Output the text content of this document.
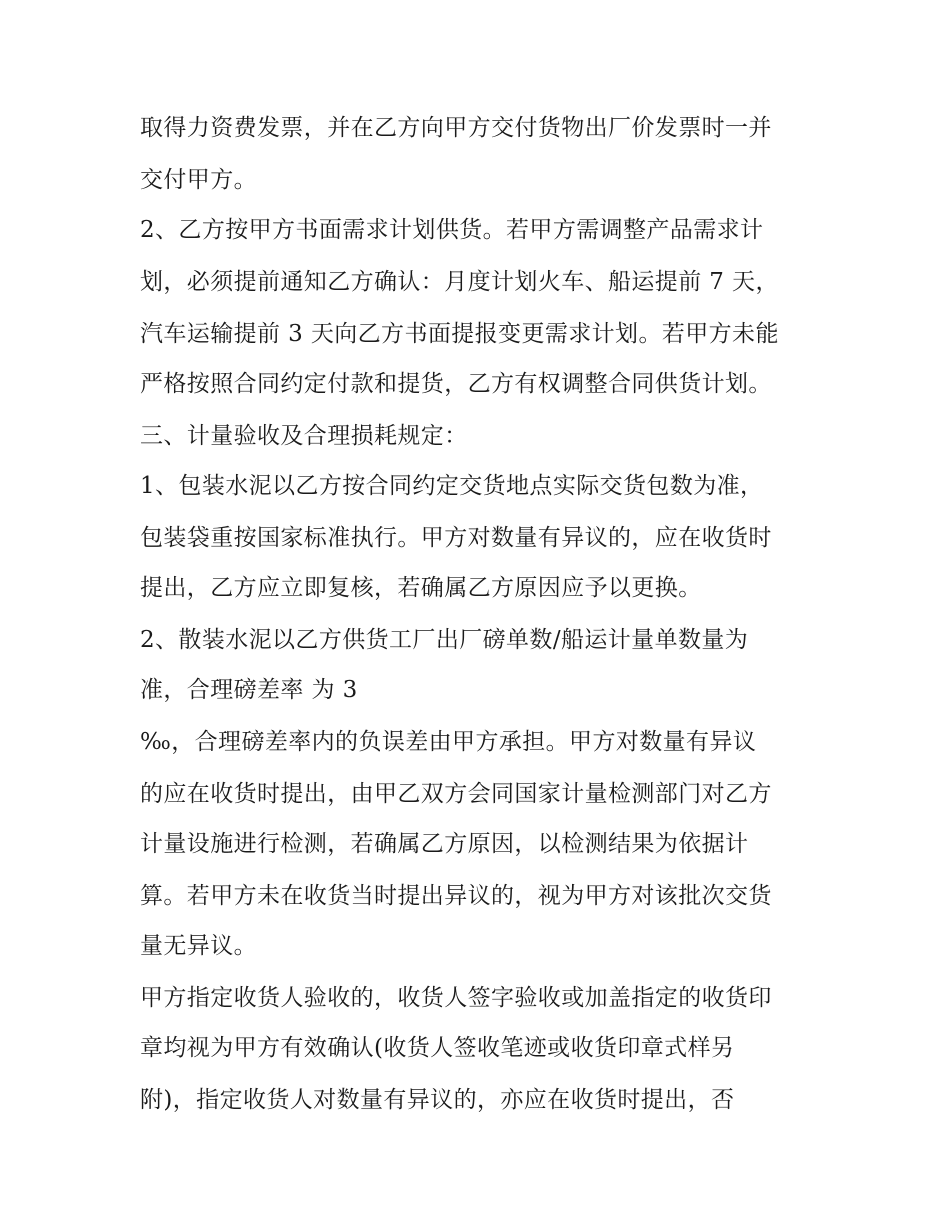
取得力资费发票，并在乙方向甲方交付货物出厂价发票时一并
交付甲方。
2、乙方按甲方书面需求计划供货。若甲方需调整产品需求计
划，必须提前通知乙方确认：月度计划火车、船运提前 7 天，
汽车运输提前 3 天向乙方书面提报变更需求计划。若甲方未能
严格按照合同约定付款和提货，乙方有权调整合同供货计划。
三、计量验收及合理损耗规定：
1、包装水泥以乙方按合同约定交货地点实际交货包数为准，
包装袋重按国家标准执行。甲方对数量有异议的，应在收货时
提出，乙方应立即复核，若确属乙方原因应予以更换。
2、散装水泥以乙方供货工厂出厂磅单数/船运计量单数量为
准，合理磅差率 为 3
‰，合理磅差率内的负误差由甲方承担。甲方对数量有异议
的应在收货时提出，由甲乙双方会同国家计量检测部门对乙方
计量设施进行检测，若确属乙方原因，以检测结果为依据计
算。若甲方未在收货当时提出异议的，视为甲方对该批次交货
量无异议。
甲方指定收货人验收的，收货人签字验收或加盖指定的收货印
章均视为甲方有效确认(收货人签收笔迹或收货印章式样另
附)，指定收货人对数量有异议的，亦应在收货时提出，否
